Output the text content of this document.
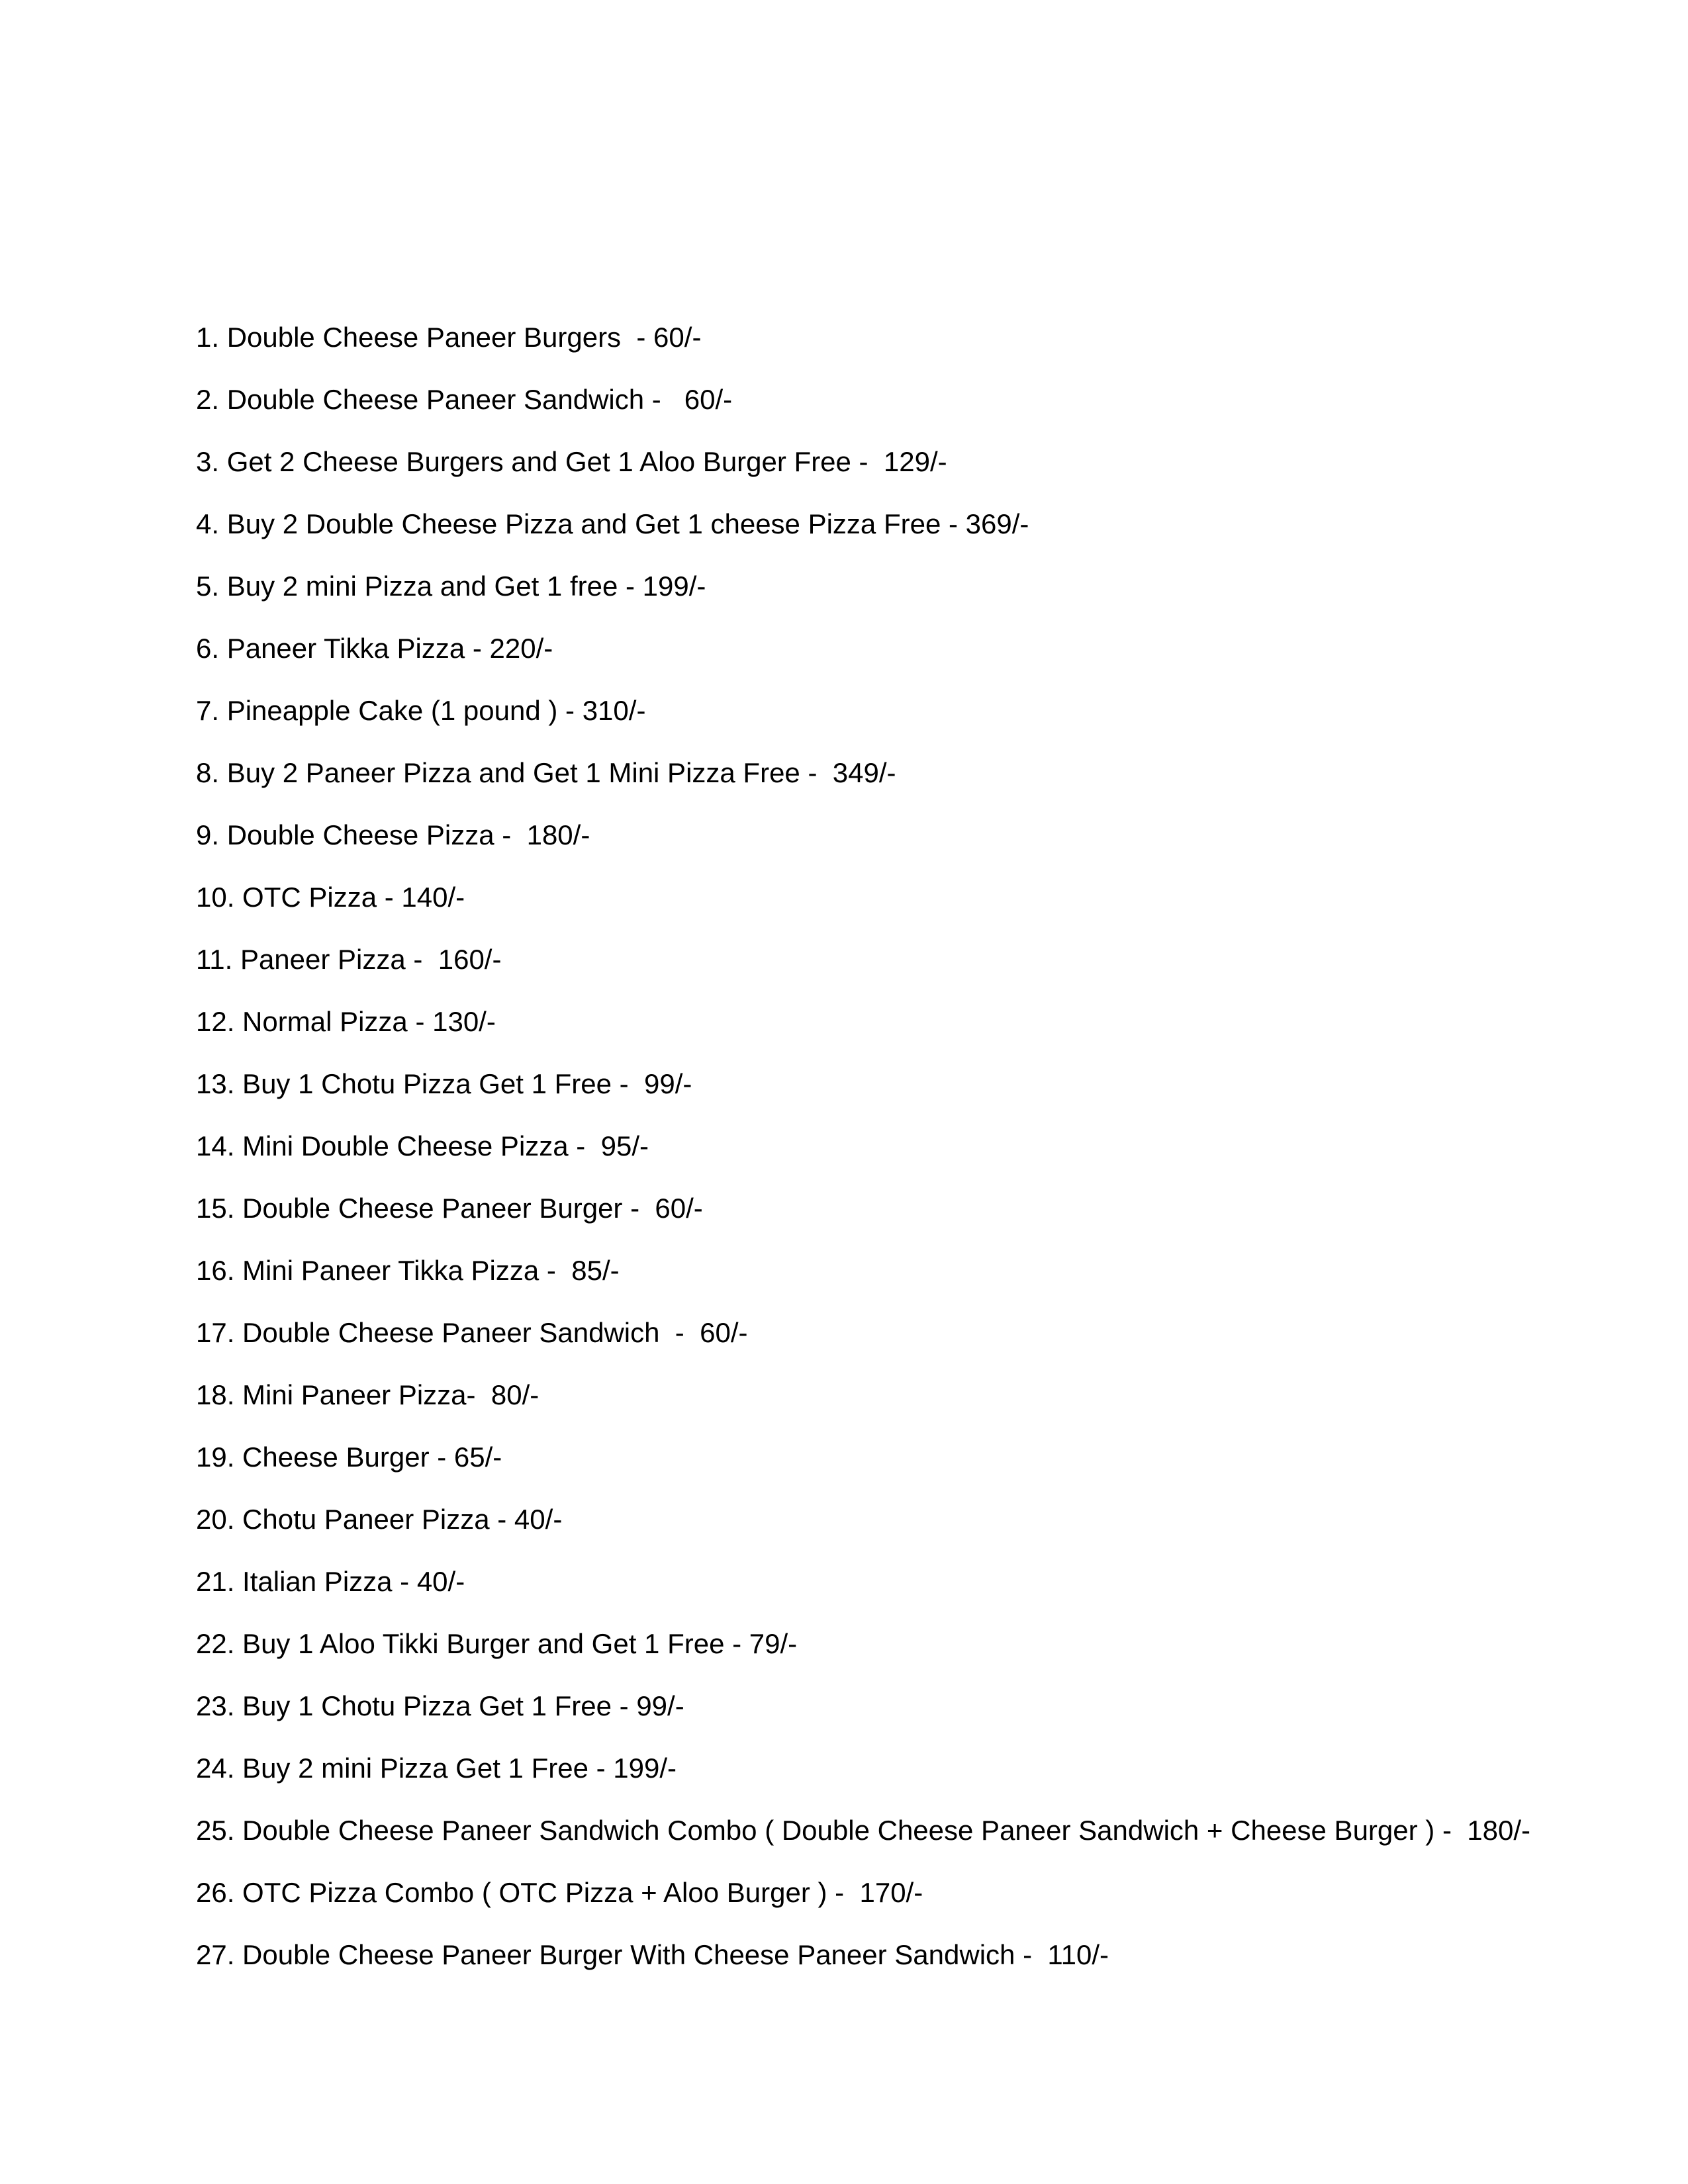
1. Double Cheese Paneer Burgers  - 60/-
2. Double Cheese Paneer Sandwich -   60/-
3. Get 2 Cheese Burgers and Get 1 Aloo Burger Free -  129/-
4. Buy 2 Double Cheese Pizza and Get 1 cheese Pizza Free - 369/-
5. Buy 2 mini Pizza and Get 1 free - 199/-
6. Paneer Tikka Pizza - 220/-
7. Pineapple Cake (1 pound ) - 310/-
8. Buy 2 Paneer Pizza and Get 1 Mini Pizza Free -  349/-
9. Double Cheese Pizza -  180/-
10. OTC Pizza - 140/-
11. Paneer Pizza -  160/-
12. Normal Pizza - 130/-
13. Buy 1 Chotu Pizza Get 1 Free -  99/-
14. Mini Double Cheese Pizza -  95/-
15. Double Cheese Paneer Burger -  60/-
16. Mini Paneer Tikka Pizza -  85/-
17. Double Cheese Paneer Sandwich  -  60/-
18. Mini Paneer Pizza-  80/-
19. Cheese Burger - 65/-
20. Chotu Paneer Pizza - 40/-
21. Italian Pizza - 40/-
22. Buy 1 Aloo Tikki Burger and Get 1 Free - 79/-
23. Buy 1 Chotu Pizza Get 1 Free - 99/-
24. Buy 2 mini Pizza Get 1 Free - 199/-
25. Double Cheese Paneer Sandwich Combo ( Double Cheese Paneer Sandwich + Cheese Burger ) -  180/-
26. OTC Pizza Combo ( OTC Pizza + Aloo Burger ) -  170/-
27. Double Cheese Paneer Burger With Cheese Paneer Sandwich -  110/-
